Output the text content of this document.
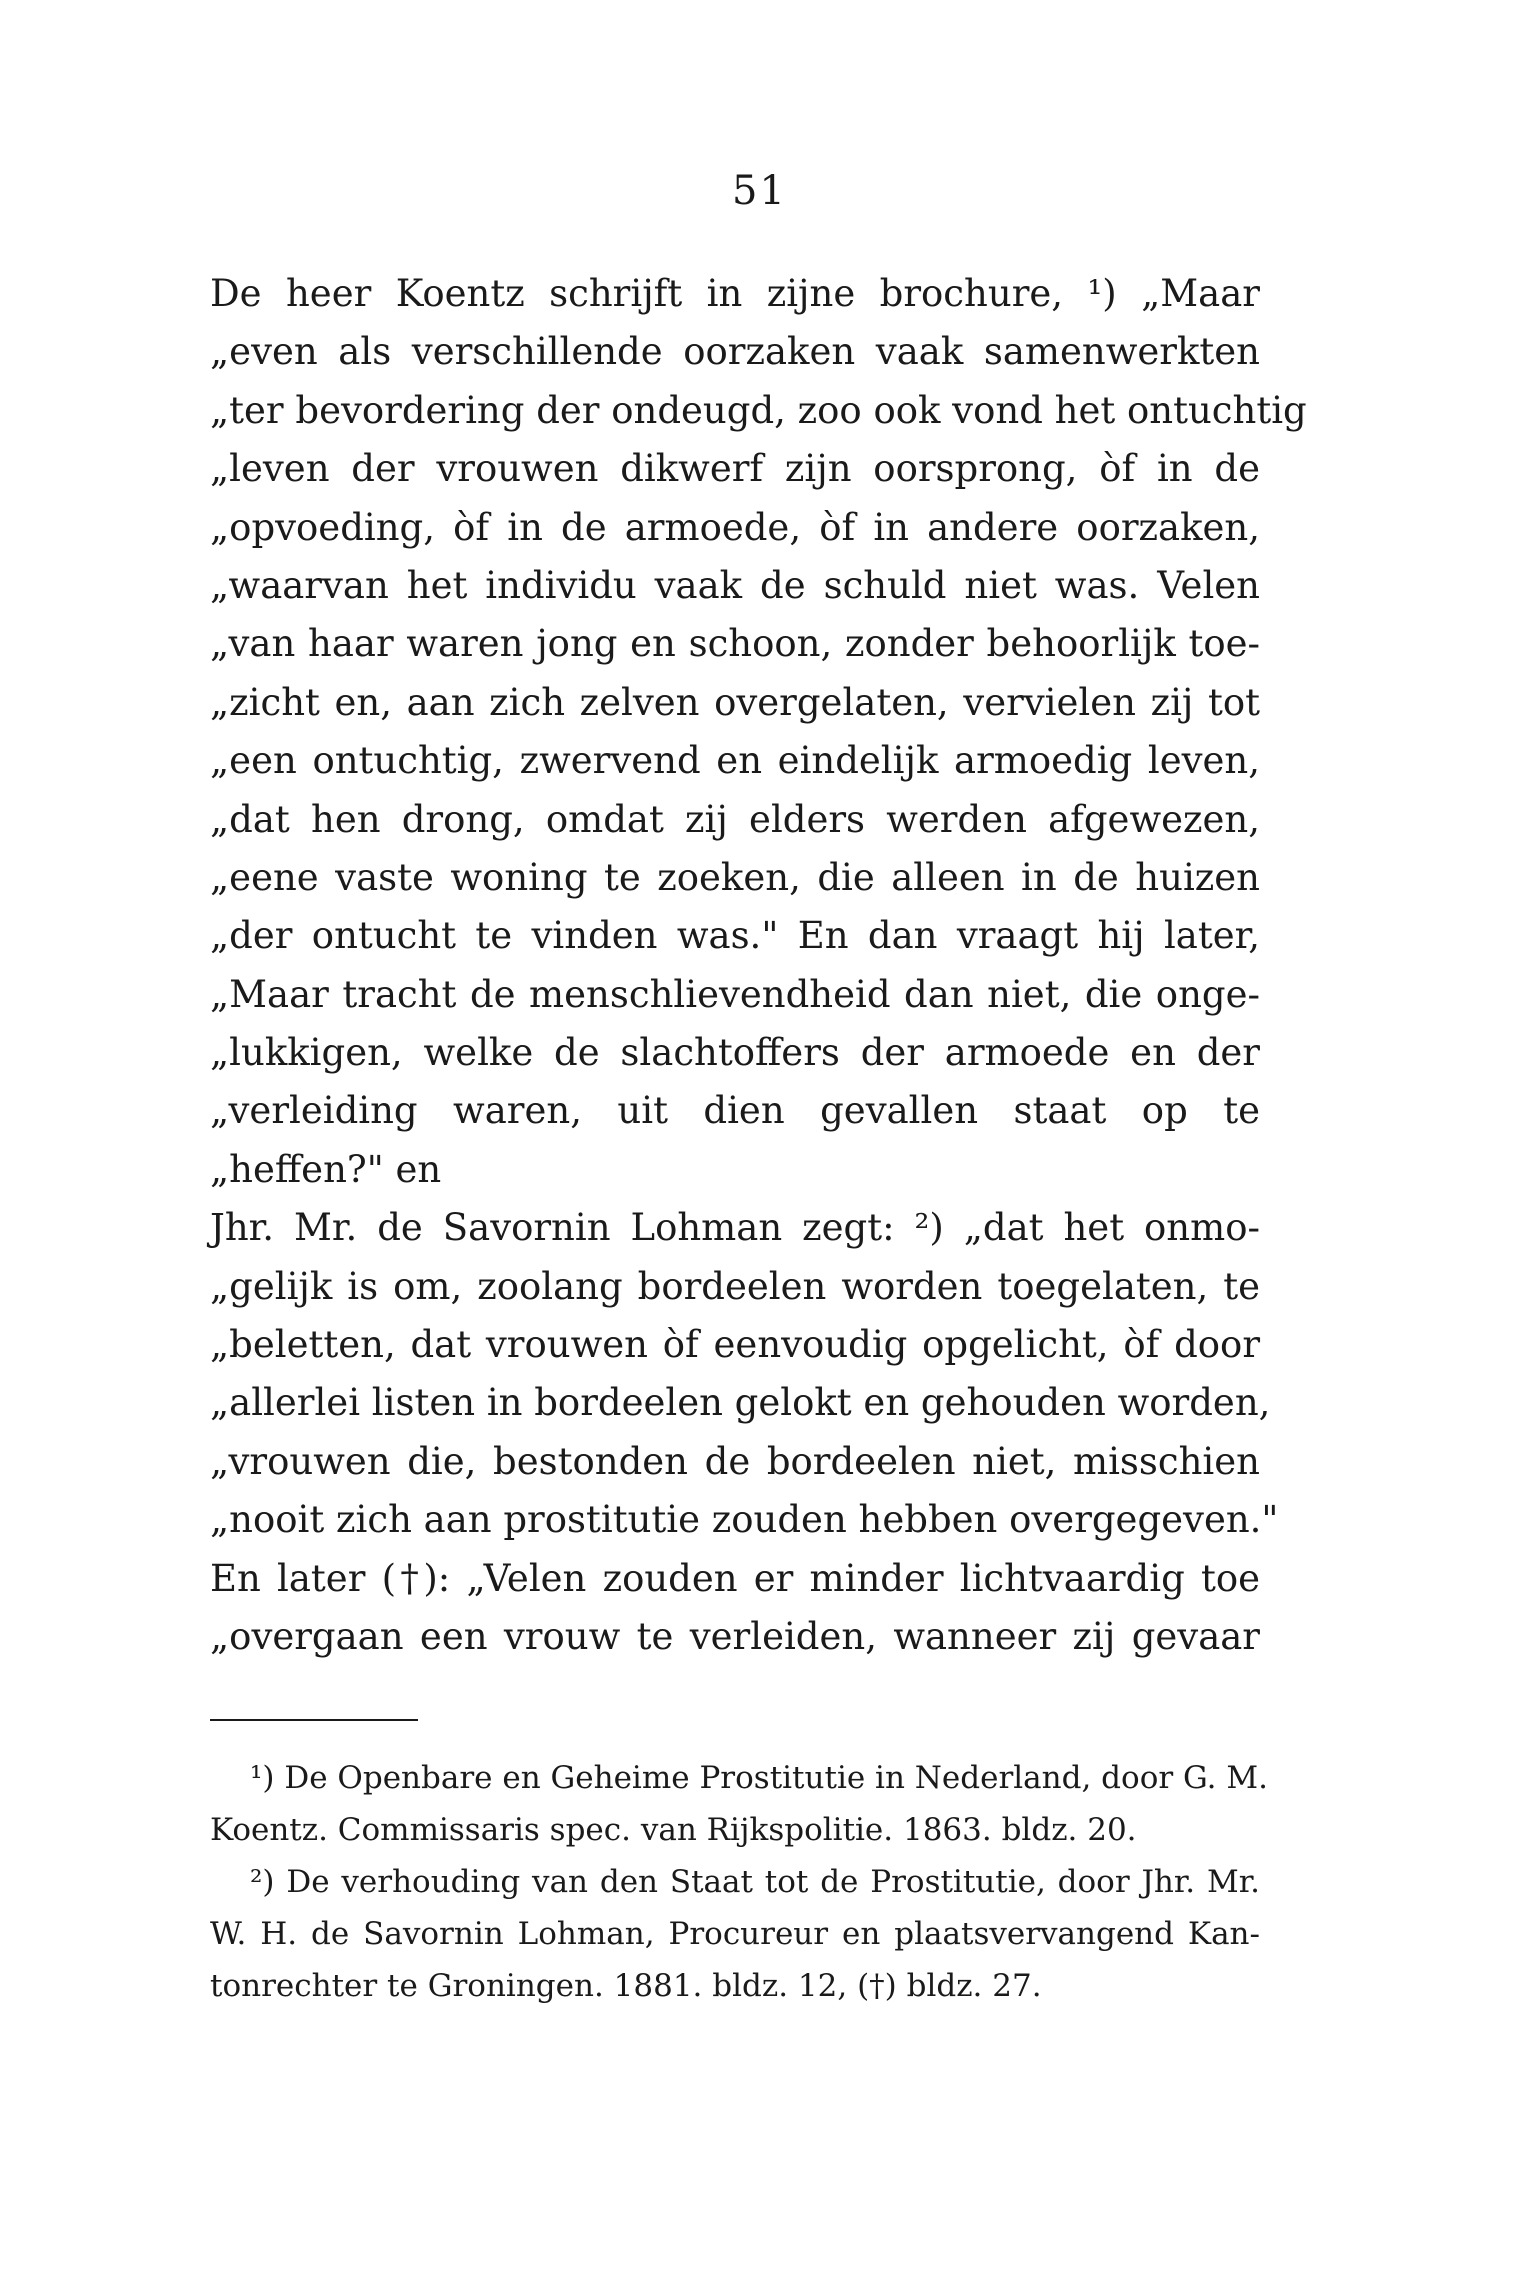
51
De heer Koentz schrijft in zijne brochure, ¹) „Maar
„even als verschillende oorzaken vaak samenwerkten
„ter bevordering der ondeugd, zoo ook vond het ontuchtig
„leven der vrouwen dikwerf zijn oorsprong, òf in de
„opvoeding, òf in de armoede, òf in andere oorzaken,
„waarvan het individu vaak de schuld niet was. Velen
„van haar waren jong en schoon, zonder behoorlijk toe-
„zicht en, aan zich zelven overgelaten, vervielen zij tot
„een ontuchtig, zwervend en eindelijk armoedig leven,
„dat hen drong, omdat zij elders werden afgewezen,
„eene vaste woning te zoeken, die alleen in de huizen
„der ontucht te vinden was." En dan vraagt hij later,
„Maar tracht de menschlievendheid dan niet, die onge-
„lukkigen, welke de slachtoffers der armoede en der
„verleiding waren, uit dien gevallen staat op te
„heffen?" en
Jhr. Mr. de Savornin Lohman zegt: ²) „dat het onmo-
„gelijk is om, zoolang bordeelen worden toegelaten, te
„beletten, dat vrouwen òf eenvoudig opgelicht, òf door
„allerlei listen in bordeelen gelokt en gehouden worden,
„vrouwen die, bestonden de bordeelen niet, misschien
„nooit zich aan prostitutie zouden hebben overgegeven."
En later (†): „Velen zouden er minder lichtvaardig toe
„overgaan een vrouw te verleiden, wanneer zij gevaar
¹) De Openbare en Geheime Prostitutie in Nederland, door G. M.
Koentz. Commissaris spec. van Rijkspolitie. 1863. bldz. 20.
²) De verhouding van den Staat tot de Prostitutie, door Jhr. Mr.
W. H. de Savornin Lohman, Procureur en plaatsvervangend Kan-
tonrechter te Groningen. 1881. bldz. 12, (†) bldz. 27.
